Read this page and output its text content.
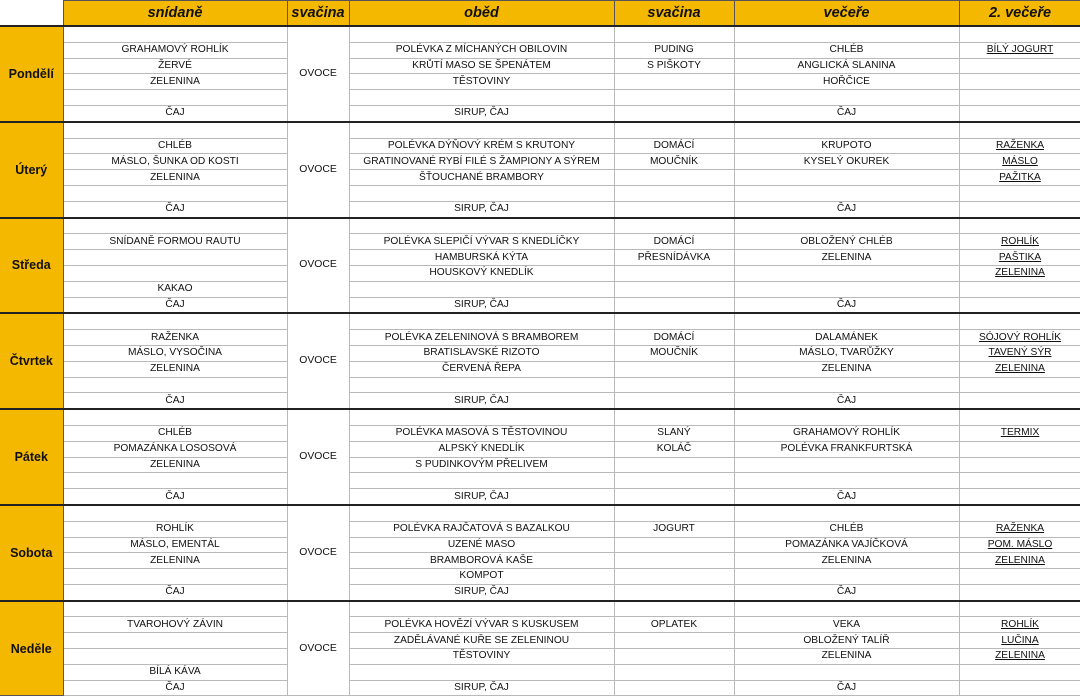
	snídaně	svačina	oběd	svačina	večeře	2. večeře
Pondělí		OVOCE				
	GRAHAMOVÝ ROHLÍK		POLÉVKA Z MÍCHANÝCH OBILOVIN	PUDING	CHLÉB	BÍLÝ JOGURT
	ŽERVÉ		KRŮTÍ MASO SE ŠPENÁTEM	S PIŠKOTY	ANGLICKÁ SLANINA	
	ZELENINA		TĚSTOVINY		HOŘČICE	

	ČAJ		SIRUP, ČAJ		ČAJ	
Úterý		OVOCE				
	CHLÉB		POLÉVKA DÝŇOVÝ KRÉM S KRUTONY	DOMÁCÍ	KRUPOTO	RAŽENKA
	MÁSLO, ŠUNKA OD KOSTI		GRATINOVANÉ RYBÍ FILÉ S ŽAMPIONY A SÝREM	MOUČNÍK	KYSELÝ OKUREK	MÁSLO
	ZELENINA		ŠŤOUCHANÉ BRAMBORY			PAŽITKA

	ČAJ		SIRUP, ČAJ		ČAJ	
Středa		OVOCE				
	SNÍDANĚ FORMOU RAUTU		POLÉVKA SLEPIČÍ VÝVAR S KNEDLÍČKY	DOMÁCÍ	OBLOŽENÝ CHLÉB	ROHLÍK
			HAMBURSKÁ KÝTA	PŘESNÍDÁVKA	ZELENINA	PAŠTIKA
			HOUSKOVÝ KNEDLÍK			ZELENINA
	KAKAO					
	ČAJ		SIRUP, ČAJ		ČAJ	
Čtvrtek		OVOCE				
	RAŽENKA		POLÉVKA ZELENINOVÁ S BRAMBOREM	DOMÁCÍ	DALAMÁNEK	SÓJOVÝ ROHLÍK
	MÁSLO, VYSOČINA		BRATISLAVSKÉ RIZOTO	MOUČNÍK	MÁSLO, TVARŮŽKY	TAVENÝ SÝR
	ZELENINA		ČERVENÁ ŘEPA		ZELENINA	ZELENINA

	ČAJ		SIRUP, ČAJ		ČAJ	
Pátek		OVOCE				
	CHLÉB		POLÉVKA MASOVÁ S TĚSTOVINOU	SLANÝ	GRAHAMOVÝ ROHLÍK	TERMIX
	POMAZÁNKA LOSOSOVÁ		ALPSKÝ KNEDLÍK	KOLÁČ	POLÉVKA FRANKFURTSKÁ	
	ZELENINA		S PUDINKOVÝM PŘELIVEM			

	ČAJ		SIRUP, ČAJ		ČAJ	
Sobota		OVOCE				
	ROHLÍK		POLÉVKA RAJČATOVÁ S BAZALKOU	JOGURT	CHLÉB	RAŽENKA
	MÁSLO, EMENTÁL		UZENÉ MASO		POMAZÁNKA VAJÍČKOVÁ	POM. MÁSLO
	ZELENINA		BRAMBOROVÁ KAŠE		ZELENINA	ZELENINA
			KOMPOT			
	ČAJ		SIRUP, ČAJ		ČAJ	
Neděle		OVOCE				
	TVAROHOVÝ ZÁVIN		POLÉVKA HOVĚZÍ VÝVAR S KUSKUSEM	OPLATEK	VEKA	ROHLÍK
			ZADĚLÁVANÉ KUŘE SE ZELENINOU		OBLOŽENÝ TALÍŘ	LUČINA
			TĚSTOVINY		ZELENINA	ZELENINA
	BÍLÁ KÁVA					
	ČAJ		SIRUP, ČAJ		ČAJ	
